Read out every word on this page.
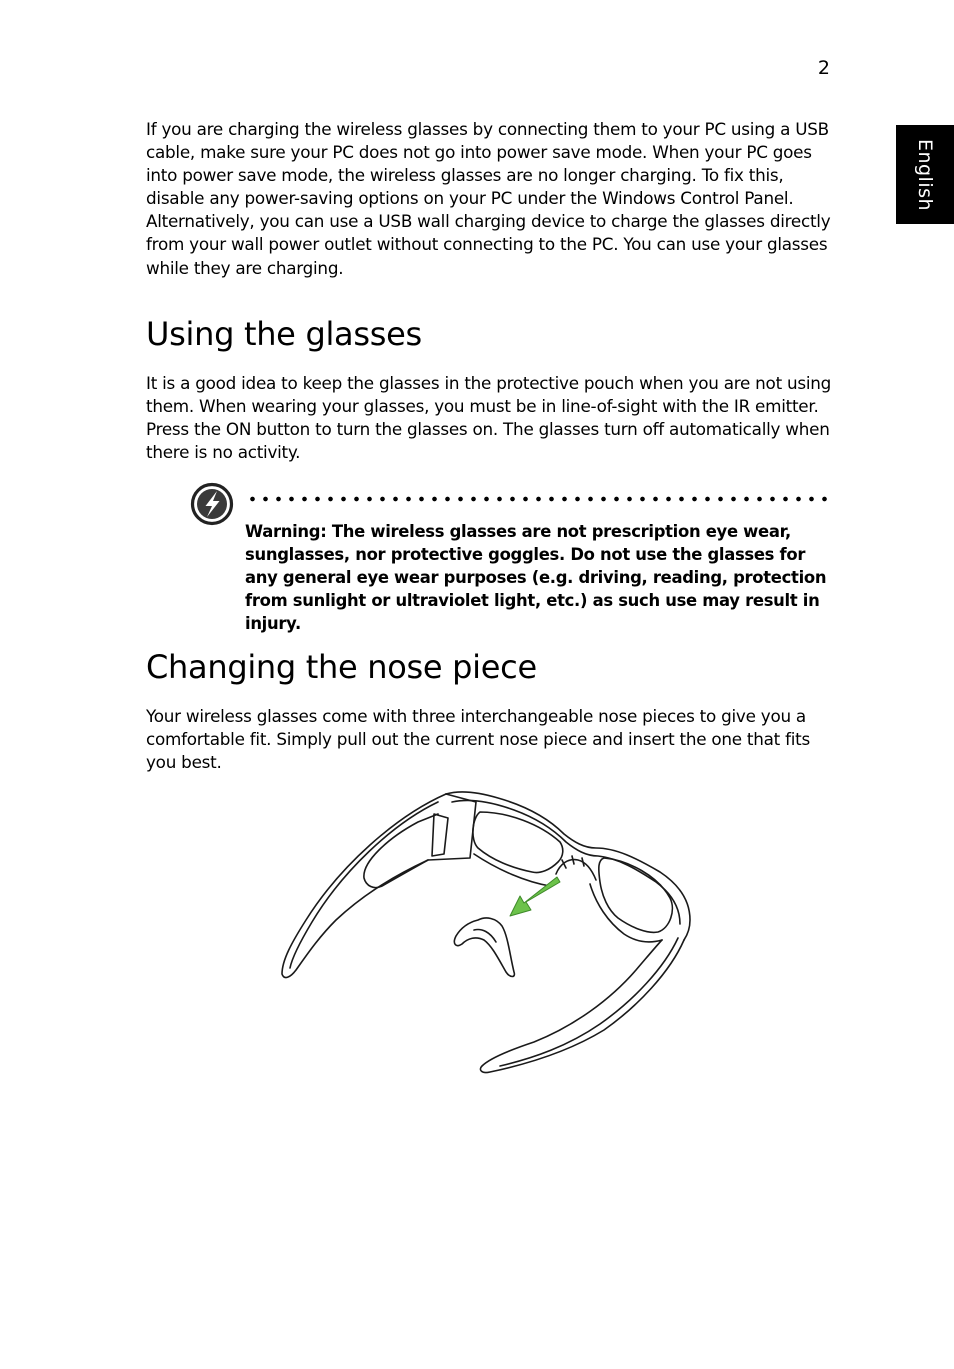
2
English

If you are charging the wireless glasses by connecting them to your PC using a USB cable, make sure your PC does not go into power save mode. When your PC goes into power save mode, the wireless glasses are no longer charging. To fix this, disable any power-saving options on your PC under the Windows Control Panel. Alternatively, you can use a USB wall charging device to charge the glasses directly from your wall power outlet without connecting to the PC. You can use your glasses while they are charging.

Using the glasses

It is a good idea to keep the glasses in the protective pouch when you are not using them. When wearing your glasses, you must be in line-of-sight with the IR emitter. Press the ON button to turn the glasses on. The glasses turn off automatically when there is no activity.

Warning: The wireless glasses are not prescription eye wear, sunglasses, nor protective goggles. Do not use the glasses for any general eye wear purposes (e.g. driving, reading, protection from sunlight or ultraviolet light, etc.) as such use may result in injury.

Changing the nose piece

Your wireless glasses come with three interchangeable nose pieces to give you a comfortable fit. Simply pull out the current nose piece and insert the one that fits you best.
